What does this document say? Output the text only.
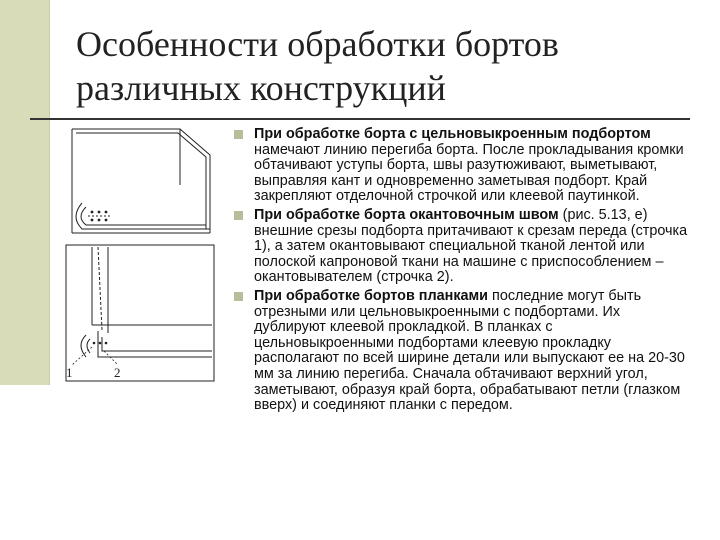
Особенности обработки бортов различных конструкций
1	2
При обработке борта с цельновыкроенным подбортом намечают линию перегиба борта. После прокладывания кромки обтачивают уступы борта, швы разутюживают, выметывают, выправляя кант и одновременно заметывая подборт. Край закрепляют отделочной строчкой или клеевой паутинкой.
При обработке борта окантовочным швом (рис. 5.13, е) внешние срезы подборта притачивают к срезам переда (строчка 1), а затем окантовывают специальной тканой лентой или полоской капроновой ткани на машине с приспособлением – окантовывателем (строчка 2).
При обработке бортов планками последние могут быть отрезными или цельновыкроенными с подбортами. Их дублируют клеевой прокладкой. В планках с цельновыкроенными подбортами клеевую прокладку располагают по всей ширине детали или выпускают ее на 20-30 мм за линию перегиба. Сначала обтачивают верхний угол, заметывают, образуя край борта, обрабатывают петли (глазком вверх) и соединяют планки с передом.
